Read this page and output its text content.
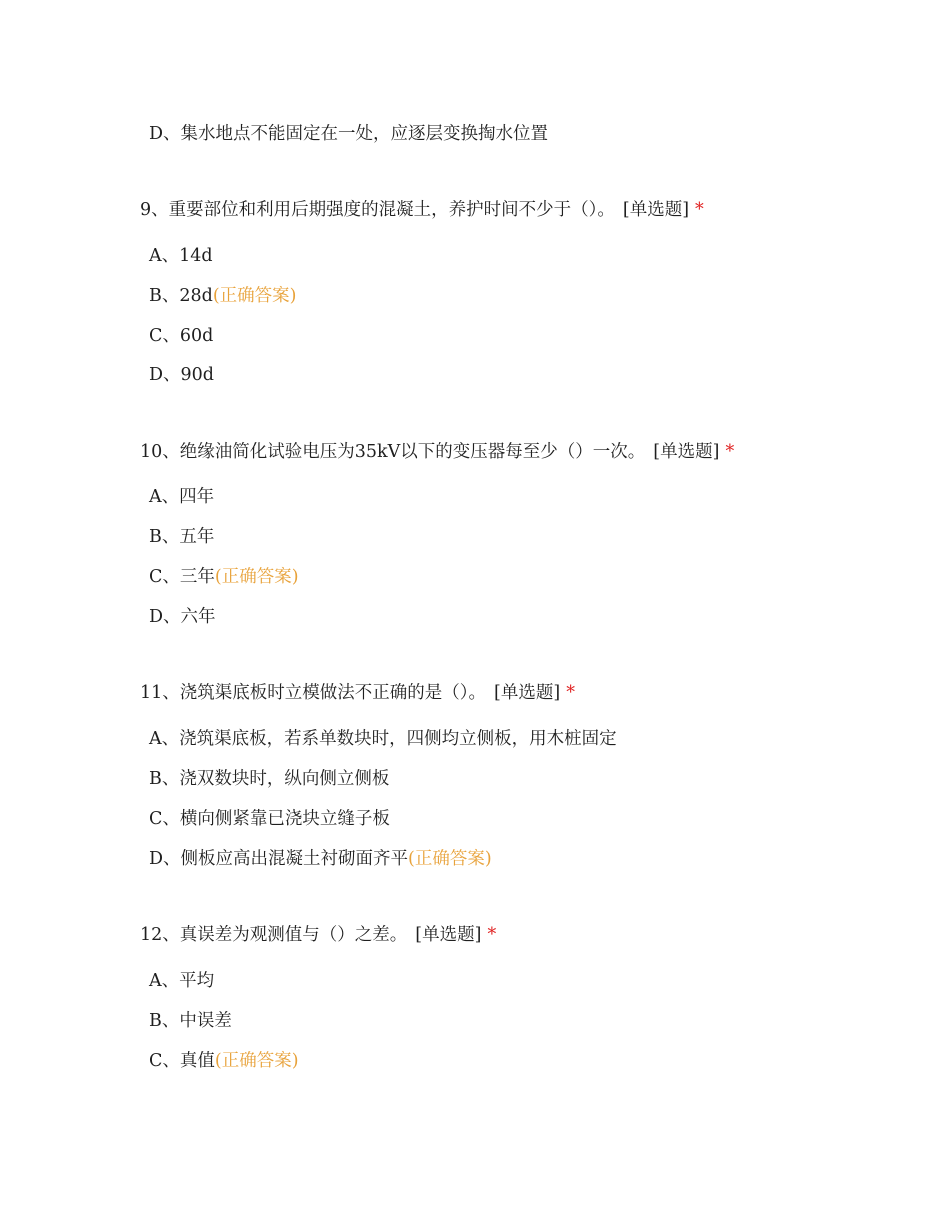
D、集水地点不能固定在一处，应逐层变换掏水位置
9、重要部位和利用后期强度的混凝土，养护时间不少于（）。 [单选题] *
A、14d
B、28d(正确答案)
C、60d
D、90d
10、绝缘油简化试验电压为35kV以下的变压器每至少（）一次。 [单选题] *
A、四年
B、五年
C、三年(正确答案)
D、六年
11、浇筑渠底板时立模做法不正确的是（）。 [单选题] *
A、浇筑渠底板，若系单数块时，四侧均立侧板，用木桩固定
B、浇双数块时，纵向侧立侧板
C、横向侧紧靠已浇块立缝子板
D、侧板应高出混凝土衬砌面齐平(正确答案)
12、真误差为观测值与（）之差。 [单选题] *
A、平均
B、中误差
C、真值(正确答案)
